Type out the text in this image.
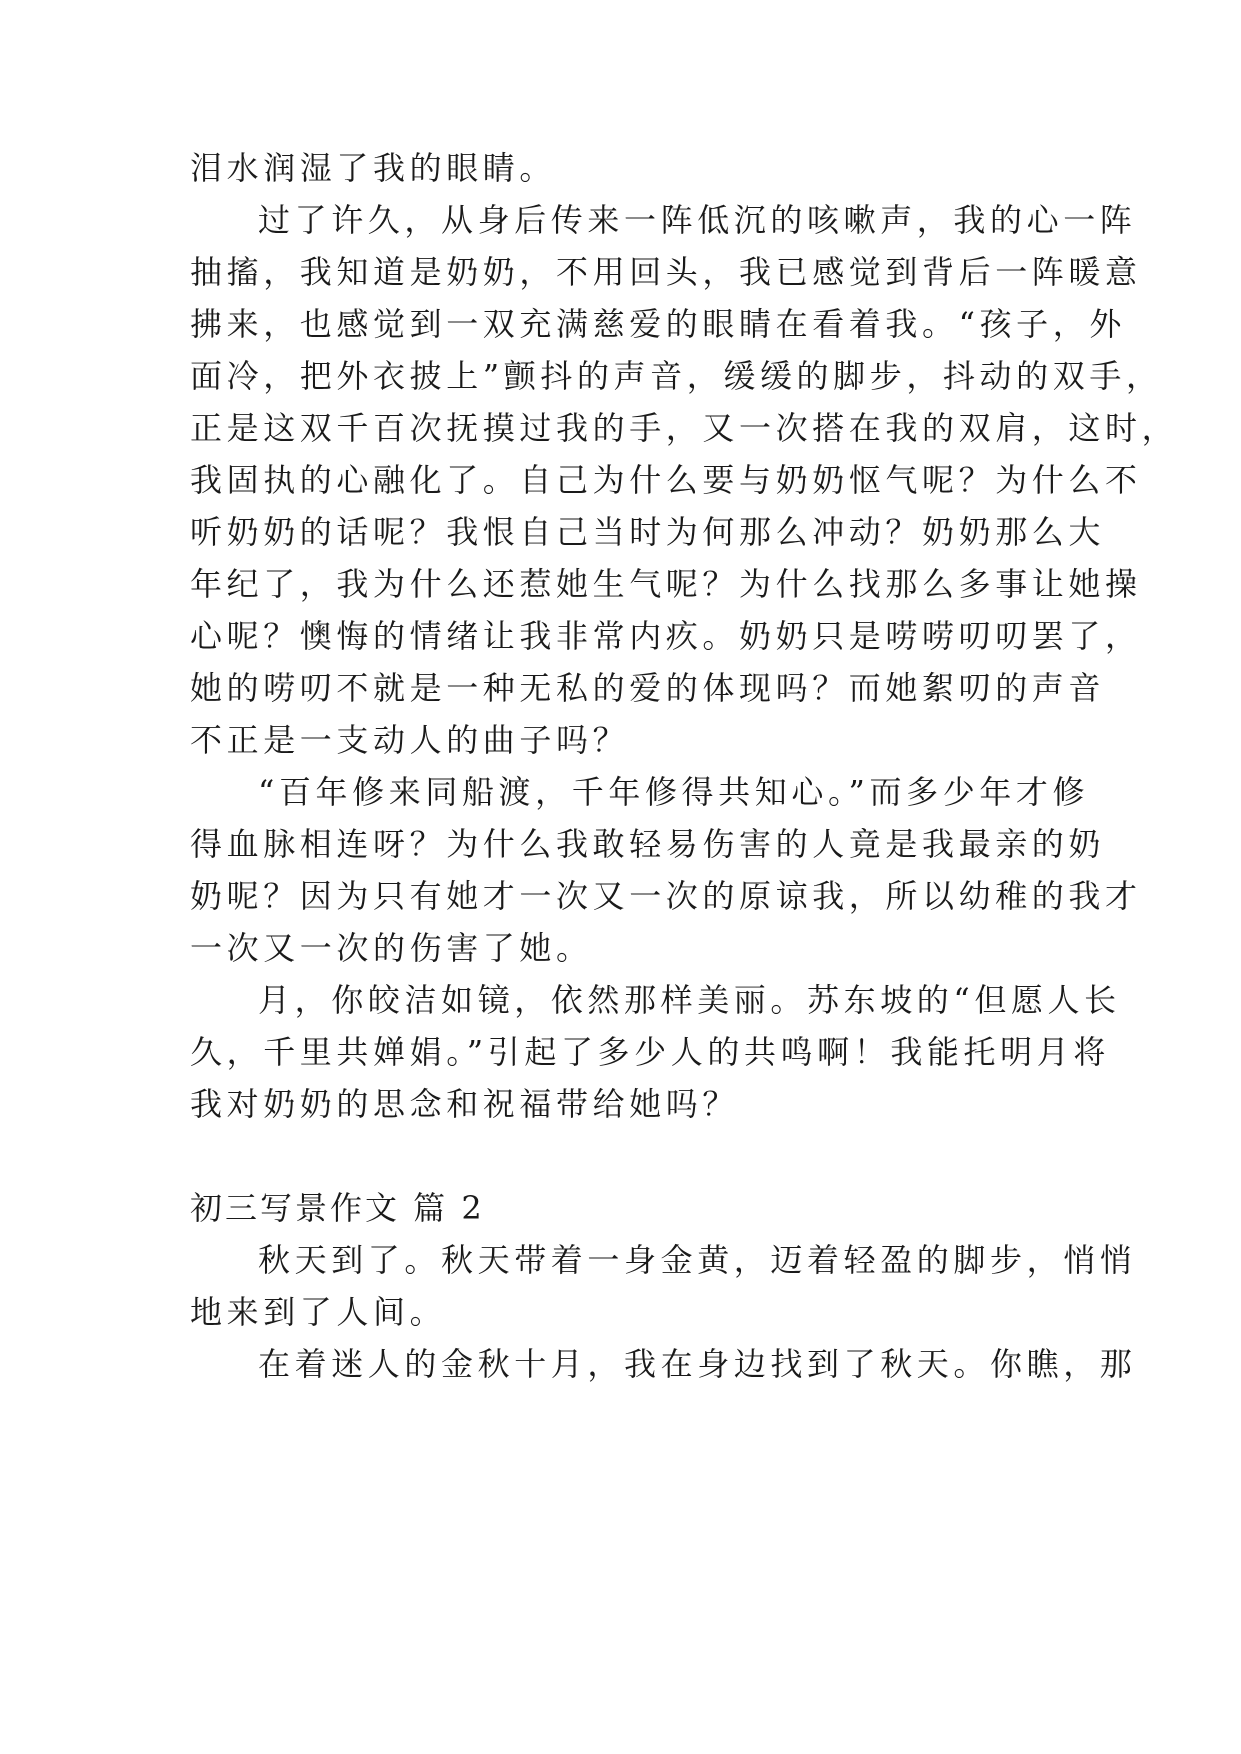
泪水润湿了我的眼睛。
过了许久，从身后传来一阵低沉的咳嗽声，我的心一阵
抽搐，我知道是奶奶，不用回头，我已感觉到背后一阵暖意
拂来，也感觉到一双充满慈爱的眼睛在看着我。“孩子，外
面冷，把外衣披上”颤抖的声音，缓缓的脚步，抖动的双手，
正是这双千百次抚摸过我的手，又一次搭在我的双肩，这时，
我固执的心融化了。自己为什么要与奶奶怄气呢？为什么不
听奶奶的话呢？我恨自己当时为何那么冲动？奶奶那么大
年纪了，我为什么还惹她生气呢？为什么找那么多事让她操
心呢？懊悔的情绪让我非常内疚。奶奶只是唠唠叨叨罢了，
她的唠叨不就是一种无私的爱的体现吗？而她絮叨的声音
不正是一支动人的曲子吗？
“百年修来同船渡，千年修得共知心。”而多少年才修
得血脉相连呀？为什么我敢轻易伤害的人竟是我最亲的奶
奶呢？因为只有她才一次又一次的原谅我，所以幼稚的我才
一次又一次的伤害了她。
月，你皎洁如镜，依然那样美丽。苏东坡的“但愿人长
久，千里共婵娟。”引起了多少人的共鸣啊！我能托明月将
我对奶奶的思念和祝福带给她吗？
初三写景作文 篇 2
秋天到了。秋天带着一身金黄，迈着轻盈的脚步，悄悄
地来到了人间。
在着迷人的金秋十月，我在身边找到了秋天。你瞧，那
